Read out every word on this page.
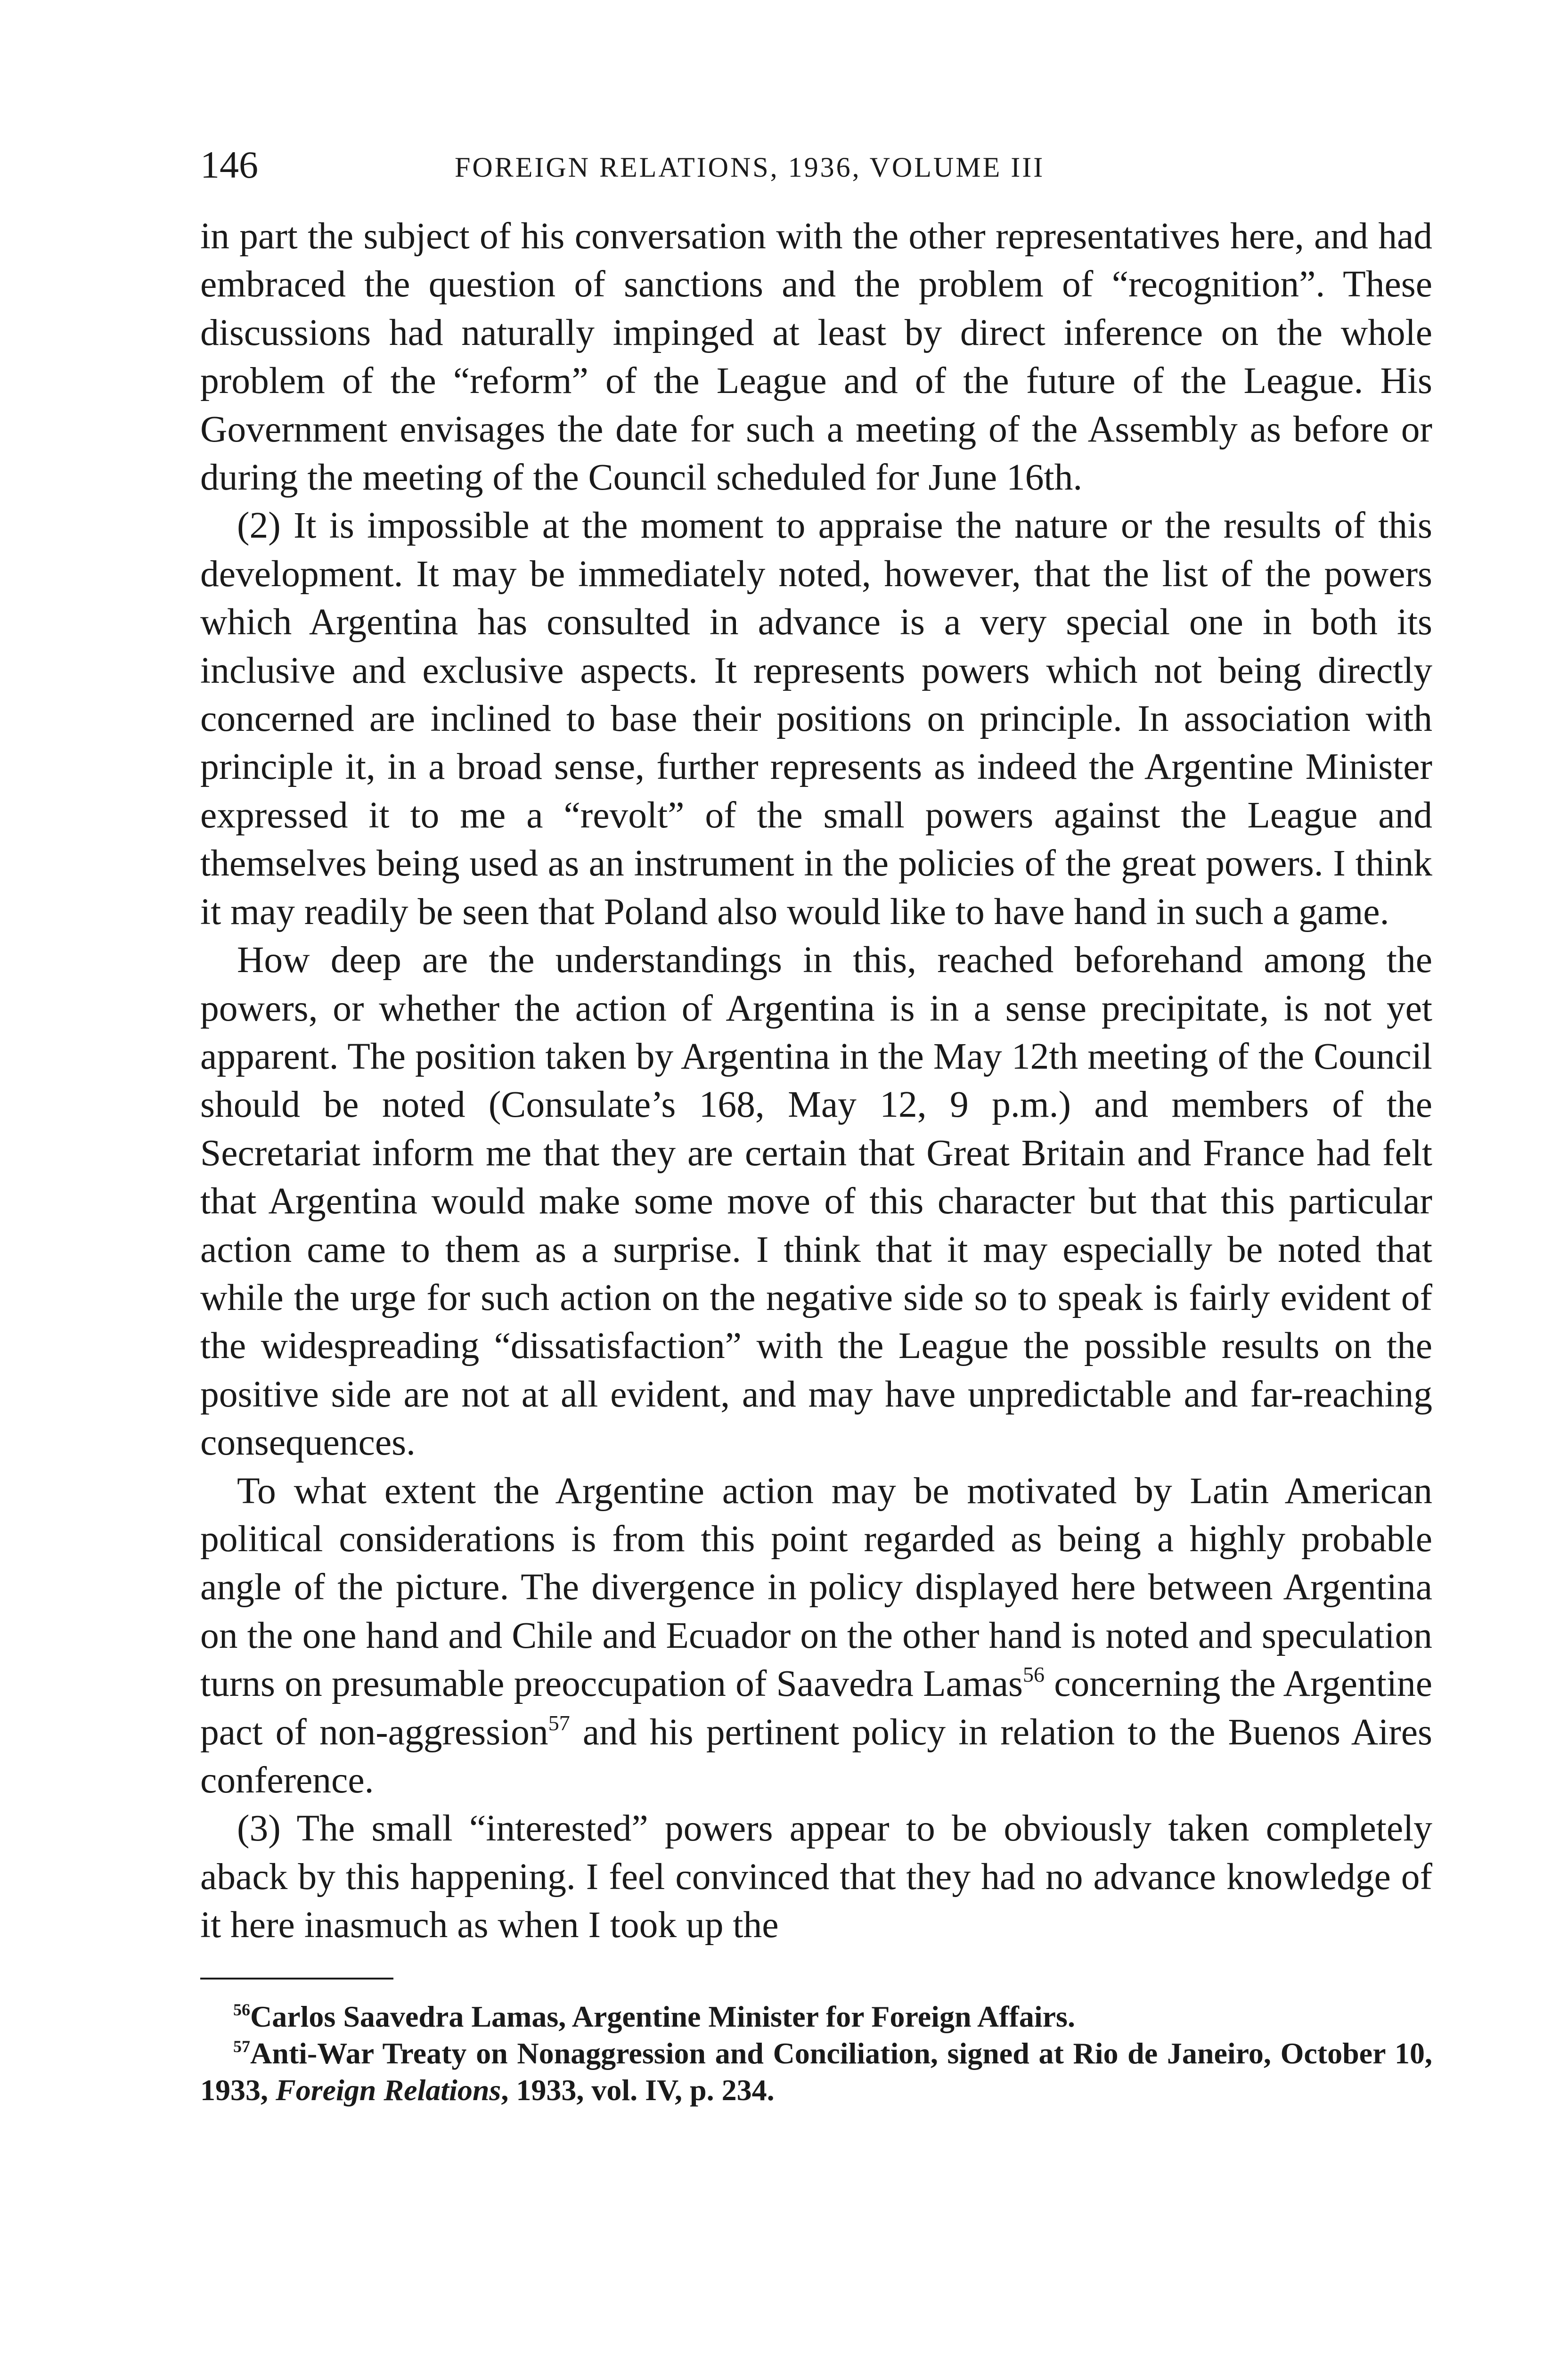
146	FOREIGN RELATIONS, 1936, VOLUME III

in part the subject of his conversation with the other representatives here, and had embraced the question of sanctions and the problem of “recognition”. These discussions had naturally impinged at least by direct inference on the whole problem of the “reform” of the League and of the future of the League. His Government envisages the date for such a meeting of the Assembly as before or during the meeting of the Council scheduled for June 16th.

(2) It is impossible at the moment to appraise the nature or the results of this development. It may be immediately noted, however, that the list of the powers which Argentina has consulted in advance is a very special one in both its inclusive and exclusive aspects. It represents powers which not being directly concerned are inclined to base their positions on principle. In association with principle it, in a broad sense, further represents as indeed the Argentine Minister expressed it to me a “revolt” of the small powers against the League and themselves being used as an instrument in the policies of the great powers. I think it may readily be seen that Poland also would like to have hand in such a game.

How deep are the understandings in this, reached beforehand among the powers, or whether the action of Argentina is in a sense precipitate, is not yet apparent. The position taken by Argentina in the May 12th meeting of the Council should be noted (Consulate’s 168, May 12, 9 p.m.) and members of the Secretariat inform me that they are certain that Great Britain and France had felt that Argentina would make some move of this character but that this particular action came to them as a surprise. I think that it may especially be noted that while the urge for such action on the negative side so to speak is fairly evident of the widespreading “dissatisfaction” with the League the possible results on the positive side are not at all evident, and may have unpredictable and far-reaching consequences.

To what extent the Argentine action may be motivated by Latin American political considerations is from this point regarded as being a highly probable angle of the picture. The divergence in policy displayed here between Argentina on the one hand and Chile and Ecuador on the other hand is noted and speculation turns on presumable preoccupation of Saavedra Lamas$^{56}$ concerning the Argentine pact of non-aggression$^{57}$ and his pertinent policy in relation to the Buenos Aires conference.

(3) The small “interested” powers appear to be obviously taken completely aback by this happening. I feel convinced that they had no advance knowledge of it here inasmuch as when I took up the

$^{56}$Carlos Saavedra Lamas, Argentine Minister for Foreign Affairs.

$^{57}$Anti-War Treaty on Nonaggression and Conciliation, signed at Rio de Janeiro, October 10, 1933, Foreign Relations, 1933, vol. IV, p. 234.
